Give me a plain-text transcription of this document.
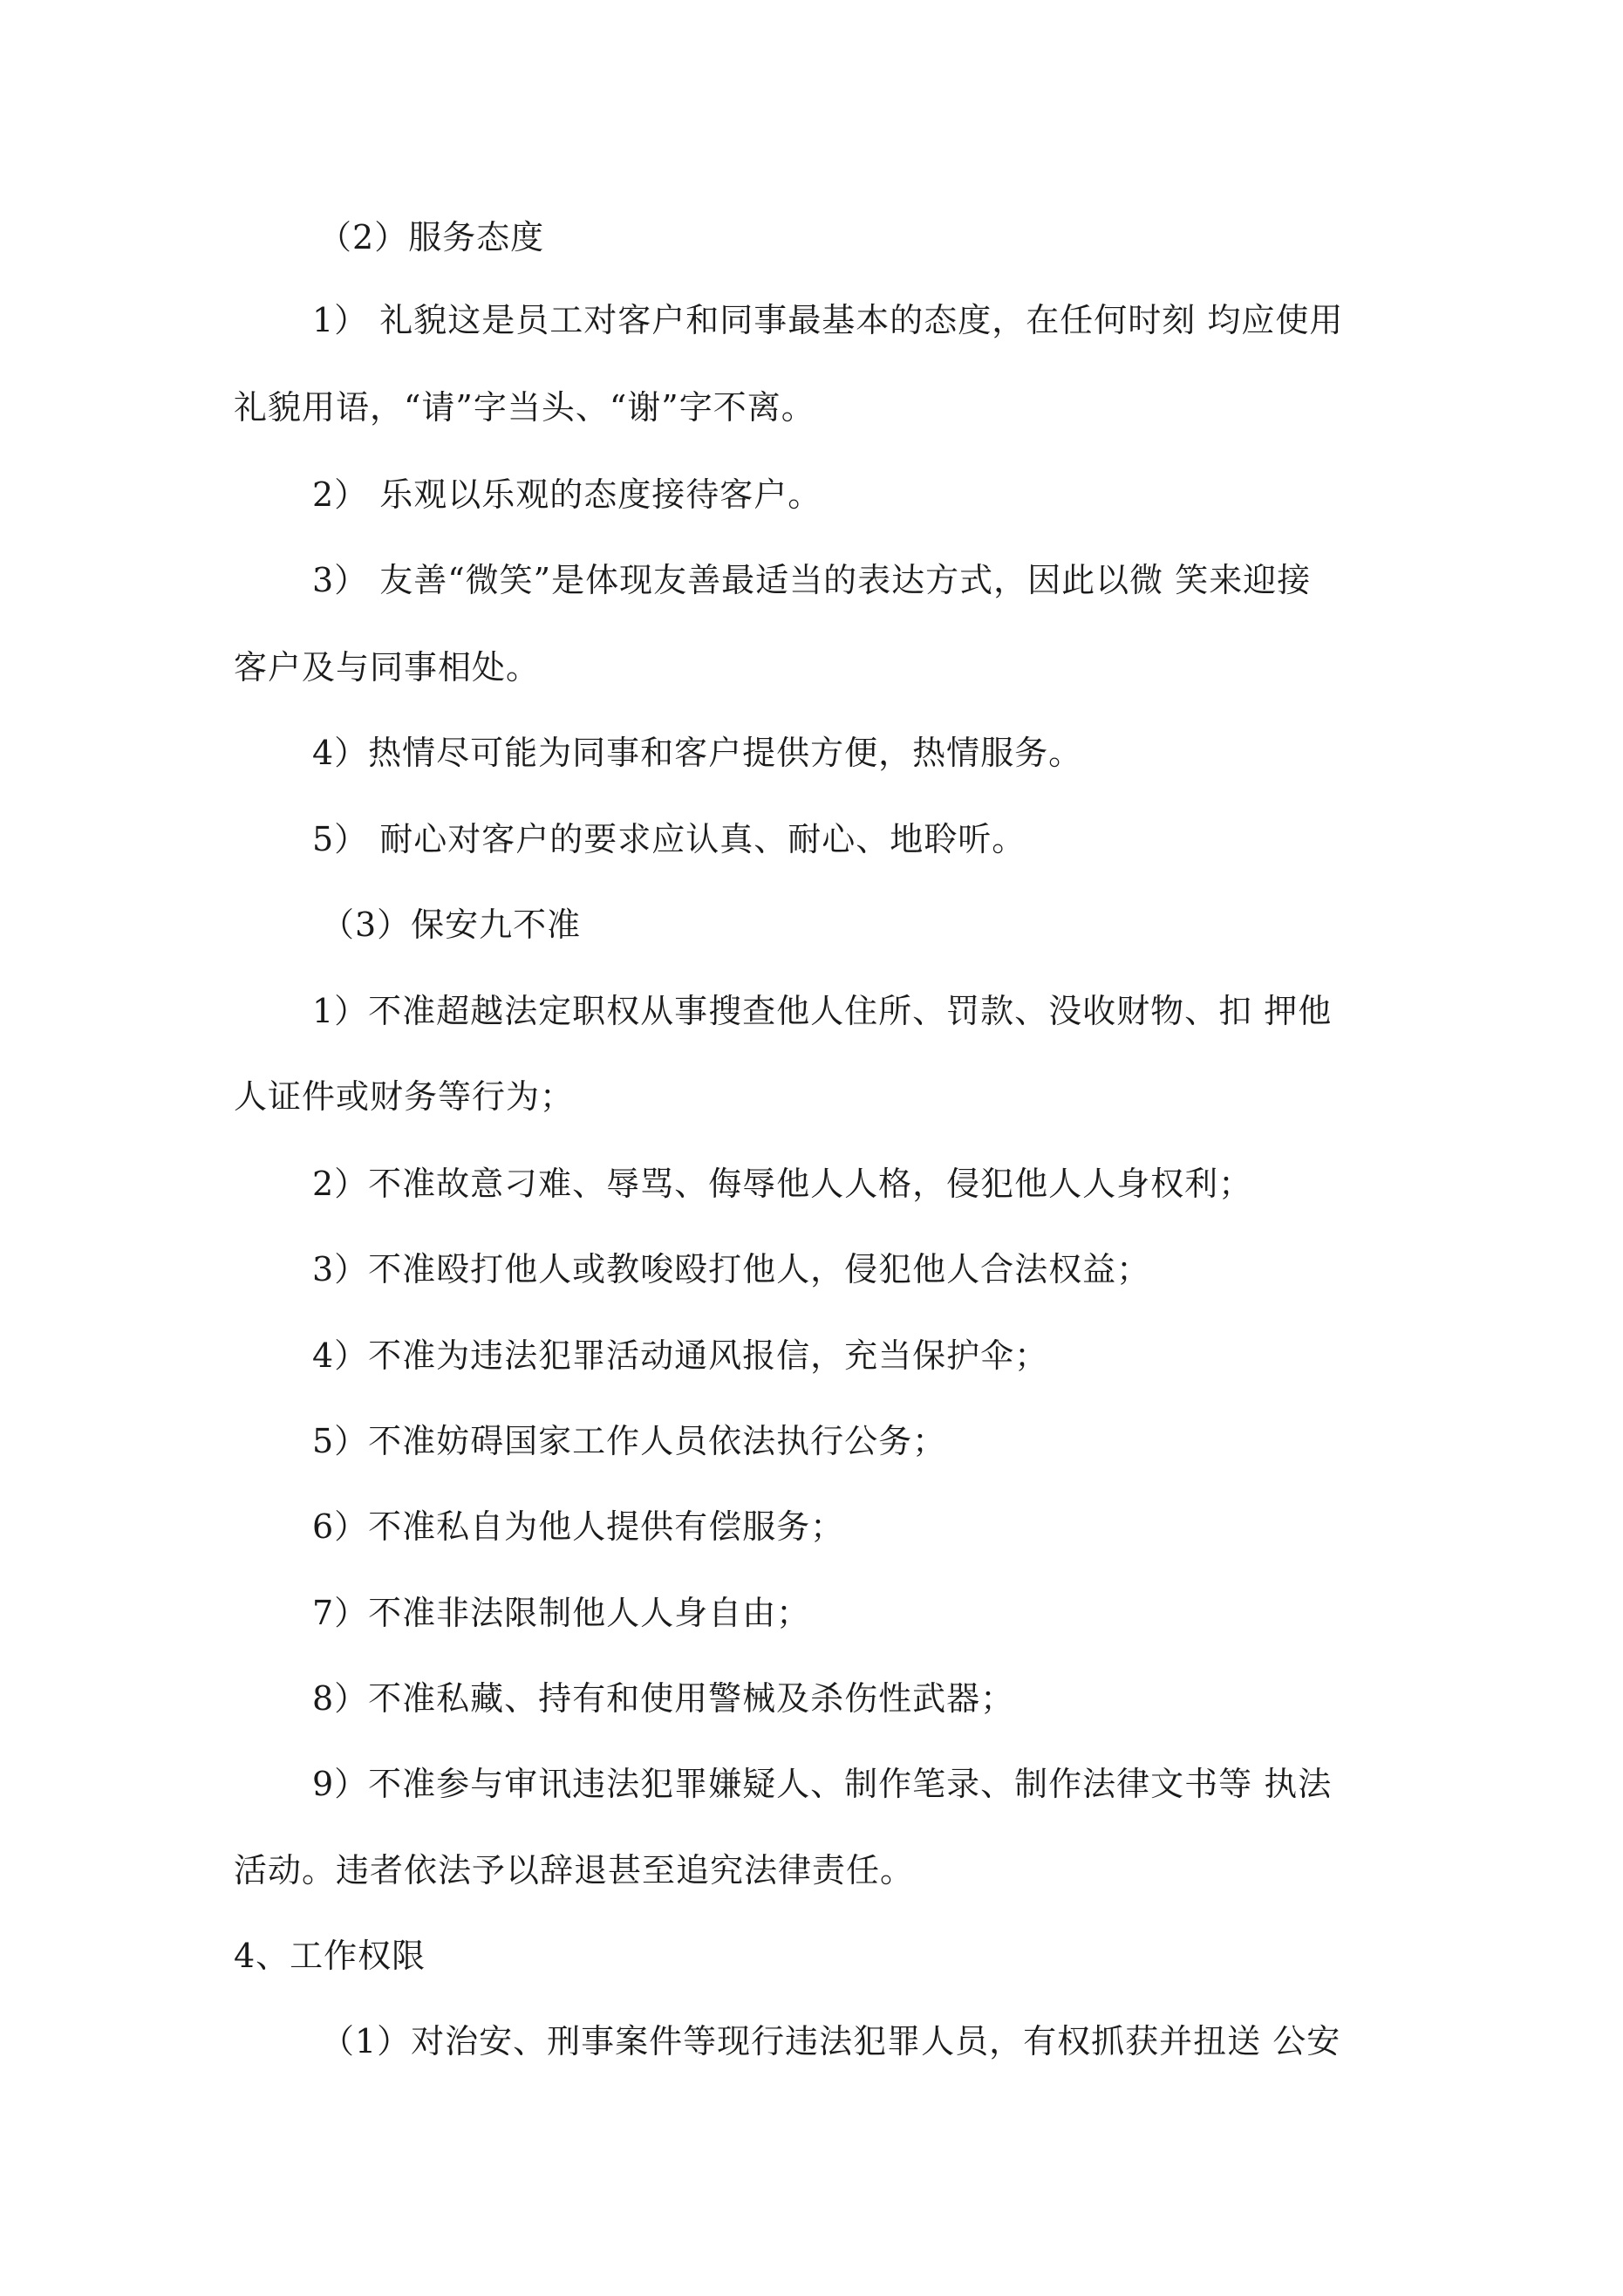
（2）服务态度
1） 礼貌这是员工对客户和同事最基本的态度，在任何时刻 均应使用
礼貌用语，“请”字当头、“谢”字不离。
2） 乐观以乐观的态度接待客户。
3） 友善“微笑”是体现友善最适当的表达方式，因此以微 笑来迎接
客户及与同事相处。
4）热情尽可能为同事和客户提供方便，热情服务。
5） 耐心对客户的要求应认真、耐心、地聆听。
（3）保安九不准
1）不准超越法定职权从事搜查他人住所、罚款、没收财物、扣 押他
人证件或财务等行为；
2）不准故意刁难、辱骂、侮辱他人人格，侵犯他人人身权利；
3）不准殴打他人或教唆殴打他人，侵犯他人合法权益；
4）不准为违法犯罪活动通风报信，充当保护伞；
5）不准妨碍国家工作人员依法执行公务；
6）不准私自为他人提供有偿服务；
7）不准非法限制他人人身自由；
8）不准私藏、持有和使用警械及杀伤性武器；
9）不准参与审讯违法犯罪嫌疑人、制作笔录、制作法律文书等 执法
活动。违者依法予以辞退甚至追究法律责任。
4、工作权限
（1）对治安、刑事案件等现行违法犯罪人员，有权抓获并扭送 公安
